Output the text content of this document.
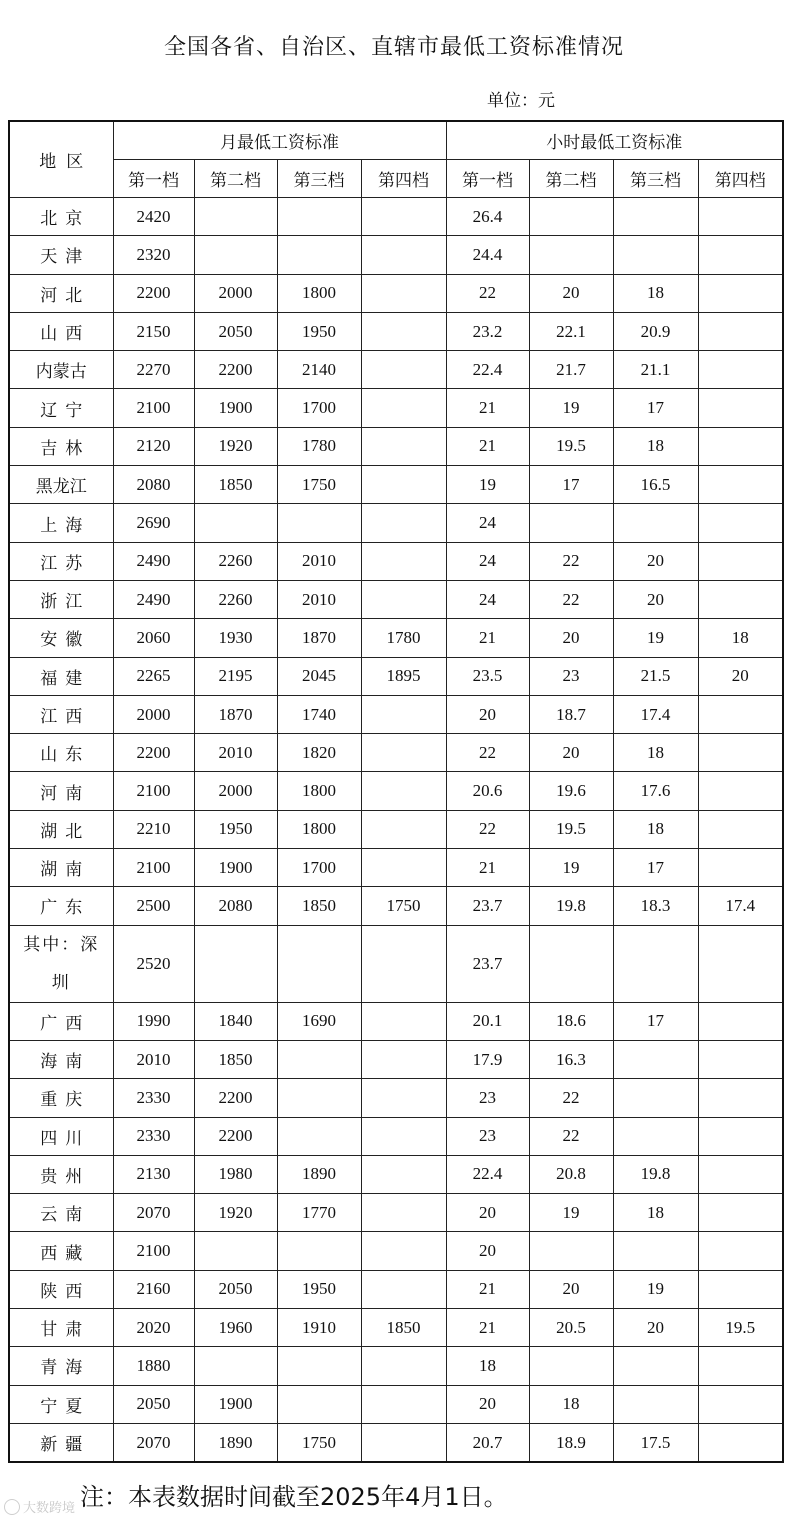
全国各省、自治区、直辖市最低工资标准情况
单位：元
地区	月最低工资标准				小时最低工资标准			
	第一档	第二档	第三档	第四档	第一档	第二档	第三档	第四档
北京	2420				26.4			
天津	2320				24.4			
河北	2200	2000	1800		22	20	18	
山西	2150	2050	1950		23.2	22.1	20.9	
内蒙古	2270	2200	2140		22.4	21.7	21.1	
辽宁	2100	1900	1700		21	19	17	
吉林	2120	1920	1780		21	19.5	18	
黑龙江	2080	1850	1750		19	17	16.5	
上海	2690				24			
江苏	2490	2260	2010		24	22	20	
浙江	2490	2260	2010		24	22	20	
安徽	2060	1930	1870	1780	21	20	19	18
福建	2265	2195	2045	1895	23.5	23	21.5	20
江西	2000	1870	1740		20	18.7	17.4	
山东	2200	2010	1820		22	20	18	
河南	2100	2000	1800		20.6	19.6	17.6	
湖北	2210	1950	1800		22	19.5	18	
湖南	2100	1900	1700		21	19	17	
广东	2500	2080	1850	1750	23.7	19.8	18.3	17.4
其中：深圳	2520				23.7			
广西	1990	1840	1690		20.1	18.6	17	
海南	2010	1850			17.9	16.3		
重庆	2330	2200			23	22		
四川	2330	2200			23	22		
贵州	2130	1980	1890		22.4	20.8	19.8	
云南	2070	1920	1770		20	19	18	
西藏	2100				20			
陕西	2160	2050	1950		21	20	19	
甘肃	2020	1960	1910	1850	21	20.5	20	19.5
青海	1880				18			
宁夏	2050	1900			20	18		
新疆	2070	1890	1750		20.7	18.9	17.5	
注：本表数据时间截至2025年4月1日。
大数跨境
